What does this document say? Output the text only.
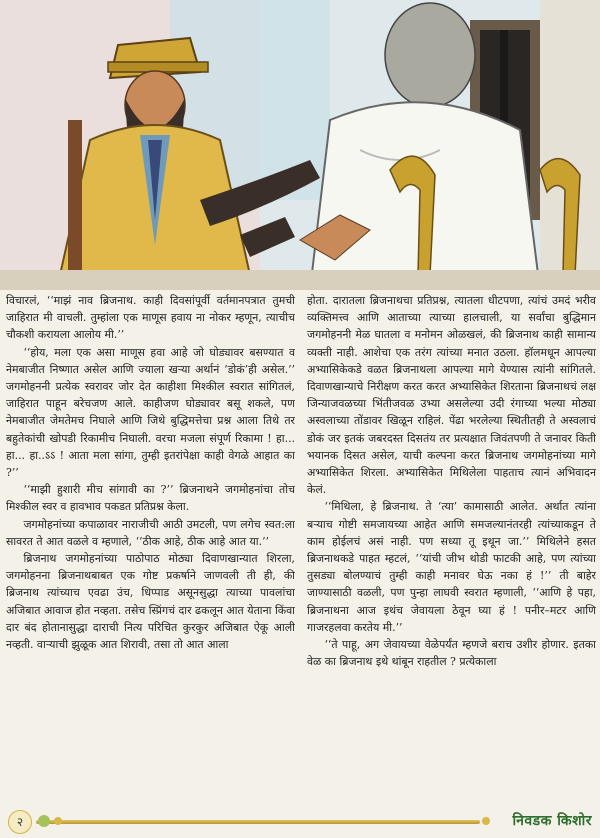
विचारलं, ‘‘माझं नाव ब्रिजनाथ. काही दिवसांपूर्वी वर्तमानपत्रात तुमची जाहिरात मी वाचली. तुम्हांला एक माणूस हवाय ना नोकर म्हणून, त्याचीच चौकशी करायला आलोय मी.’’

‘‘होय, मला एक असा माणूस हवा आहे जो घोड्यावर बसण्यात व नेमबाजीत निष्णात असेल आणि ज्याला खऱ्या अर्थानं ‘डोकं’ही असेल.’’ जगमोहननी प्रत्येक स्वरावर जोर देत काहीशा मिश्कील स्वरात सांगितलं, जाहिरात पाहून बरेचजण आले. काहीजण घोड्यावर बसू शकले, पण नेमबाजीत जेमतेमच निघाले आणि जिथे बुद्धिमत्तेचा प्रश्न आला तिथे तर बहुतेकांची खोपडी रिकामीच निघाली. वरचा मजला संपूर्ण रिकामा ! हा... हा... हा..ऽऽ ! आता मला सांगा, तुम्ही इतरांपेक्षा काही वेगळे आहात का ?’’

‘‘माझी हुशारी मीच सांगावी का ?’’ ब्रिजनाथने जगमोहनांचा तोच मिश्कील स्वर व हावभाव पकडत प्रतिप्रश्न केला.

जगमोहनांच्या कपाळावर नाराजीची आठी उमटली, पण लगेच स्वत:ला सावरत ते आत वळले व म्हणाले, ‘‘ठीक आहे, ठीक आहे आत या.’’

ब्रिजनाथ जगमोहनांच्या पाठोपाठ मोठ्या दिवाणखान्यात शिरला, जगमोहनना ब्रिजनाथबाबत एक गोष्ट प्रकर्षाने जाणवली ती ही, की ब्रिजनाथ त्यांच्याच एवढा उंच, धिप्पाड असूनसुद्धा त्याच्या पावलांचा अजिबात आवाज होत नव्हता. तसेच स्प्रिंगचं दार ढकलून आत येताना किंवा दार बंद होतानासुद्धा दाराची नित्य परिचित कुरकुर अजिबात ऐकू आली नव्हती. वाऱ्याची झुळूक आत शिरावी, तसा तो आत आला

होता. दारातला ब्रिजनाथचा प्रतिप्रश्न, त्यातला धीटपणा, त्यांचं उमदं भरीव व्यक्तिमत्त्व आणि आताच्या त्याच्या हालचाली, या सर्वांचा बुद्धिमान जगमोहननी मेळ घातला व मनोमन ओळखलं, की ब्रिजनाथ काही सामान्य व्यक्ती नाही. आशेचा एक तरंग त्यांच्या मनात उठला. हॉलमधून आपल्या अभ्यासिकेकडे वळत ब्रिजनाथला आपल्या मागे येण्यास त्यांनी सांगितले. दिवाणखान्याचे निरीक्षण करत करत अभ्यासिकेत शिरताना ब्रिजनाथचं लक्ष जिन्याजवळच्या भिंतीजवळ उभ्या असलेल्या उदी रंगाच्या भल्या मोठ्या अस्वलाच्या तोंडावर खिळून राहिलं. पेंढा भरलेल्या स्थितीतही ते अस्वलाचं डोकं जर इतकं जबरदस्त दिसतंय तर प्रत्यक्षात जिवंतपणी ते जनावर किती भयानक दिसत असेल, याची कल्पना करत ब्रिजनाथ जगमोहनांच्या मागे अभ्यासिकेत शिरला. अभ्यासिकेत मिथिलेला पाहताच त्यानं अभिवादन केलं.

‘‘मिथिला, हे ब्रिजनाथ. ते ‘त्या’ कामासाठी आलेत. अर्थात त्यांना बऱ्याच गोष्टी समजायच्या आहेत आणि समजल्यानंतरही त्यांच्याकडून ते काम होईलचं असं नाही. पण सध्या तू इथून जा.’’ मिथिलेने हसत ब्रिजनाथकडे पाहत म्हटलं, ‘‘यांची जीभ थोडी फाटकी आहे, पण त्यांच्या तुसड्या बोलण्याचं तुम्ही काही मनावर घेऊ नका हं !’’ ती बाहेर जाण्यासाठी वळली, पण पुन्हा लाघवी स्वरात म्हणाली, ‘‘आणि हे पहा, ब्रिजनाथना आज इथंच जेवायला ठेवून घ्या हं ! पनीर–मटर आणि गाजरहलवा करतेय मी.’’

‘‘ते पाहू, अग जेवायच्या वेळेपर्यंत म्हणजे बराच उशीर होणार. इतका वेळ का ब्रिजनाथ इथे थांबून राहतील ? प्रत्येकाला

२	निवडक किशोर
